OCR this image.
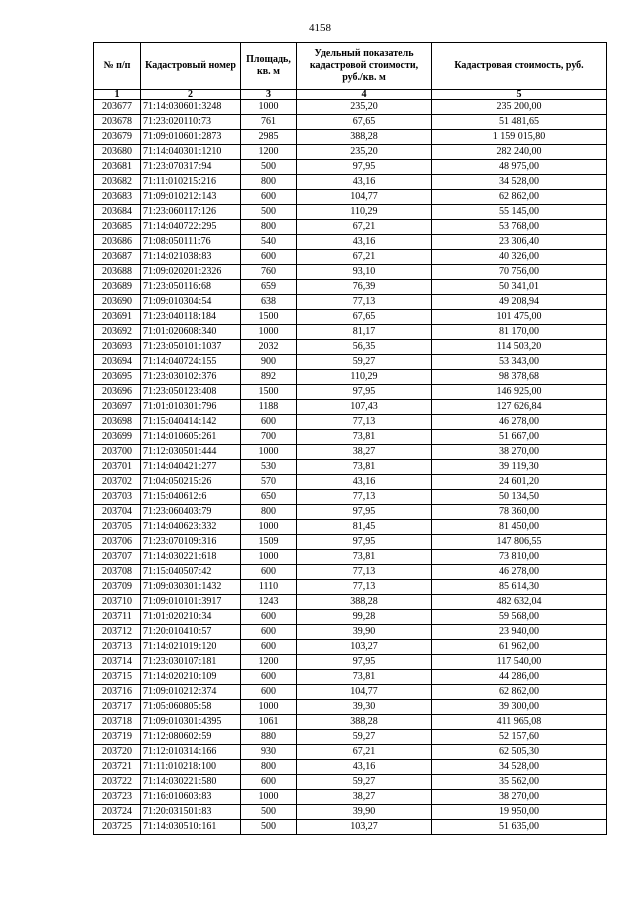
4158
№ п/п	Кадастровый номер	Площадь, кв. м	Удельный показатель кадастровой стоимости, руб./кв. м	Кадастровая стоимость, руб.
1	2	3	4	5
203677	71:14:030601:3248	1000	235,20	235 200,00
203678	71:23:020110:73	761	67,65	51 481,65
203679	71:09:010601:2873	2985	388,28	1 159 015,80
203680	71:14:040301:1210	1200	235,20	282 240,00
203681	71:23:070317:94	500	97,95	48 975,00
203682	71:11:010215:216	800	43,16	34 528,00
203683	71:09:010212:143	600	104,77	62 862,00
203684	71:23:060117:126	500	110,29	55 145,00
203685	71:14:040722:295	800	67,21	53 768,00
203686	71:08:050111:76	540	43,16	23 306,40
203687	71:14:021038:83	600	67,21	40 326,00
203688	71:09:020201:2326	760	93,10	70 756,00
203689	71:23:050116:68	659	76,39	50 341,01
203690	71:09:010304:54	638	77,13	49 208,94
203691	71:23:040118:184	1500	67,65	101 475,00
203692	71:01:020608:340	1000	81,17	81 170,00
203693	71:23:050101:1037	2032	56,35	114 503,20
203694	71:14:040724:155	900	59,27	53 343,00
203695	71:23:030102:376	892	110,29	98 378,68
203696	71:23:050123:408	1500	97,95	146 925,00
203697	71:01:010301:796	1188	107,43	127 626,84
203698	71:15:040414:142	600	77,13	46 278,00
203699	71:14:010605:261	700	73,81	51 667,00
203700	71:12:030501:444	1000	38,27	38 270,00
203701	71:14:040421:277	530	73,81	39 119,30
203702	71:04:050215:26	570	43,16	24 601,20
203703	71:15:040612:6	650	77,13	50 134,50
203704	71:23:060403:79	800	97,95	78 360,00
203705	71:14:040623:332	1000	81,45	81 450,00
203706	71:23:070109:316	1509	97,95	147 806,55
203707	71:14:030221:618	1000	73,81	73 810,00
203708	71:15:040507:42	600	77,13	46 278,00
203709	71:09:030301:1432	1110	77,13	85 614,30
203710	71:09:010101:3917	1243	388,28	482 632,04
203711	71:01:020210:34	600	99,28	59 568,00
203712	71:20:010410:57	600	39,90	23 940,00
203713	71:14:021019:120	600	103,27	61 962,00
203714	71:23:030107:181	1200	97,95	117 540,00
203715	71:14:020210:109	600	73,81	44 286,00
203716	71:09:010212:374	600	104,77	62 862,00
203717	71:05:060805:58	1000	39,30	39 300,00
203718	71:09:010301:4395	1061	388,28	411 965,08
203719	71:12:080602:59	880	59,27	52 157,60
203720	71:12:010314:166	930	67,21	62 505,30
203721	71:11:010218:100	800	43,16	34 528,00
203722	71:14:030221:580	600	59,27	35 562,00
203723	71:16:010603:83	1000	38,27	38 270,00
203724	71:20:031501:83	500	39,90	19 950,00
203725	71:14:030510:161	500	103,27	51 635,00
